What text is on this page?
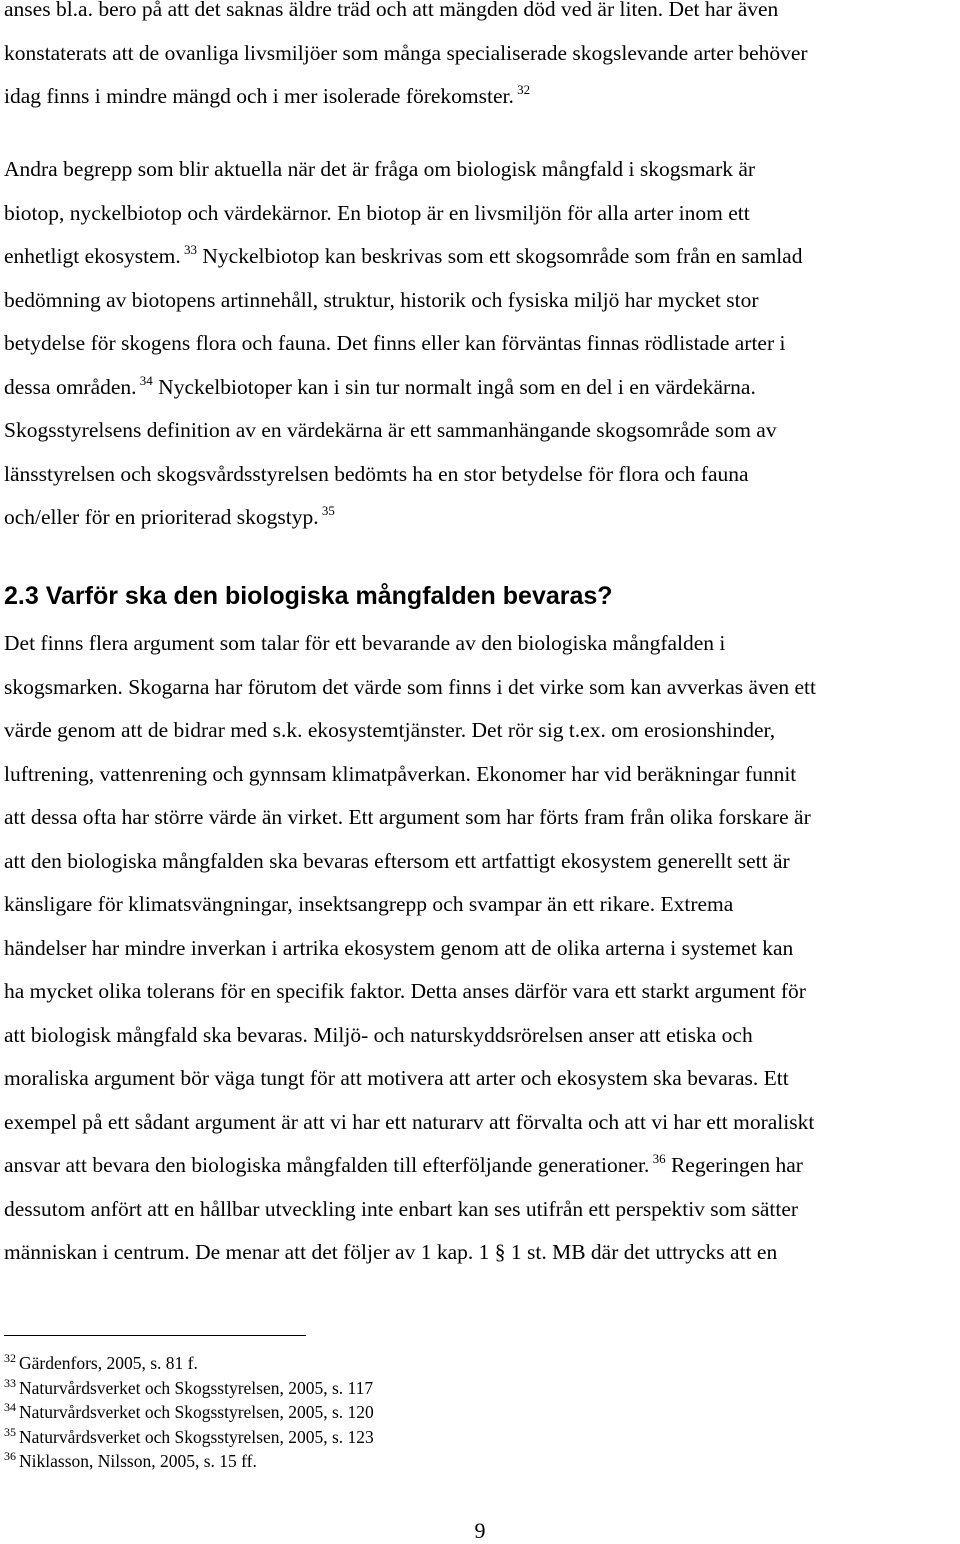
anses bl.a. bero på att det saknas äldre träd och att mängden död ved är liten. Det har även
konstaterats att de ovanliga livsmiljöer som många specialiserade skogslevande arter behöver
idag finns i mindre mängd och i mer isolerade förekomster. $^{32}$

Andra begrepp som blir aktuella när det är fråga om biologisk mångfald i skogsmark är
biotop, nyckelbiotop och värdekärnor. En biotop är en livsmiljön för alla arter inom ett
enhetligt ekosystem. $^{33}$ Nyckelbiotop kan beskrivas som ett skogsområde som från en samlad
bedömning av biotopens artinnehåll, struktur, historik och fysiska miljö har mycket stor
betydelse för skogens flora och fauna. Det finns eller kan förväntas finnas rödlistade arter i
dessa områden. $^{34}$ Nyckelbiotoper kan i sin tur normalt ingå som en del i en värdekärna.
Skogsstyrelsens definition av en värdekärna är ett sammanhängande skogsområde som av
länsstyrelsen och skogsvårdsstyrelsen bedömts ha en stor betydelse för flora och fauna
och/eller för en prioriterad skogstyp. $^{35}$

2.3 Varför ska den biologiska mångfalden bevaras?

Det finns flera argument som talar för ett bevarande av den biologiska mångfalden i
skogsmarken. Skogarna har förutom det värde som finns i det virke som kan avverkas även ett
värde genom att de bidrar med s.k. ekosystemtjänster. Det rör sig t.ex. om erosionshinder,
luftrening, vattenrening och gynnsam klimatpåverkan. Ekonomer har vid beräkningar funnit
att dessa ofta har större värde än virket. Ett argument som har förts fram från olika forskare är
att den biologiska mångfalden ska bevaras eftersom ett artfattigt ekosystem generellt sett är
känsligare för klimatsvängningar, insektsangrepp och svampar än ett rikare. Extrema
händelser har mindre inverkan i artrika ekosystem genom att de olika arterna i systemet kan
ha mycket olika tolerans för en specifik faktor. Detta anses därför vara ett starkt argument för
att biologisk mångfald ska bevaras. Miljö- och naturskyddsrörelsen anser att etiska och
moraliska argument bör väga tungt för att motivera att arter och ekosystem ska bevaras. Ett
exempel på ett sådant argument är att vi har ett naturarv att förvalta och att vi har ett moraliskt
ansvar att bevara den biologiska mångfalden till efterföljande generationer. $^{36}$ Regeringen har
dessutom anfört att en hållbar utveckling inte enbart kan ses utifrån ett perspektiv som sätter
människan i centrum. De menar att det följer av 1 kap. 1 § 1 st. MB där det uttrycks att en

$^{32}$ Gärdenfors, 2005, s. 81 f.
$^{33}$ Naturvårdsverket och Skogsstyrelsen, 2005, s. 117
$^{34}$ Naturvårdsverket och Skogsstyrelsen, 2005, s. 120
$^{35}$ Naturvårdsverket och Skogsstyrelsen, 2005, s. 123
$^{36}$ Niklasson, Nilsson, 2005, s. 15 ff.
9
